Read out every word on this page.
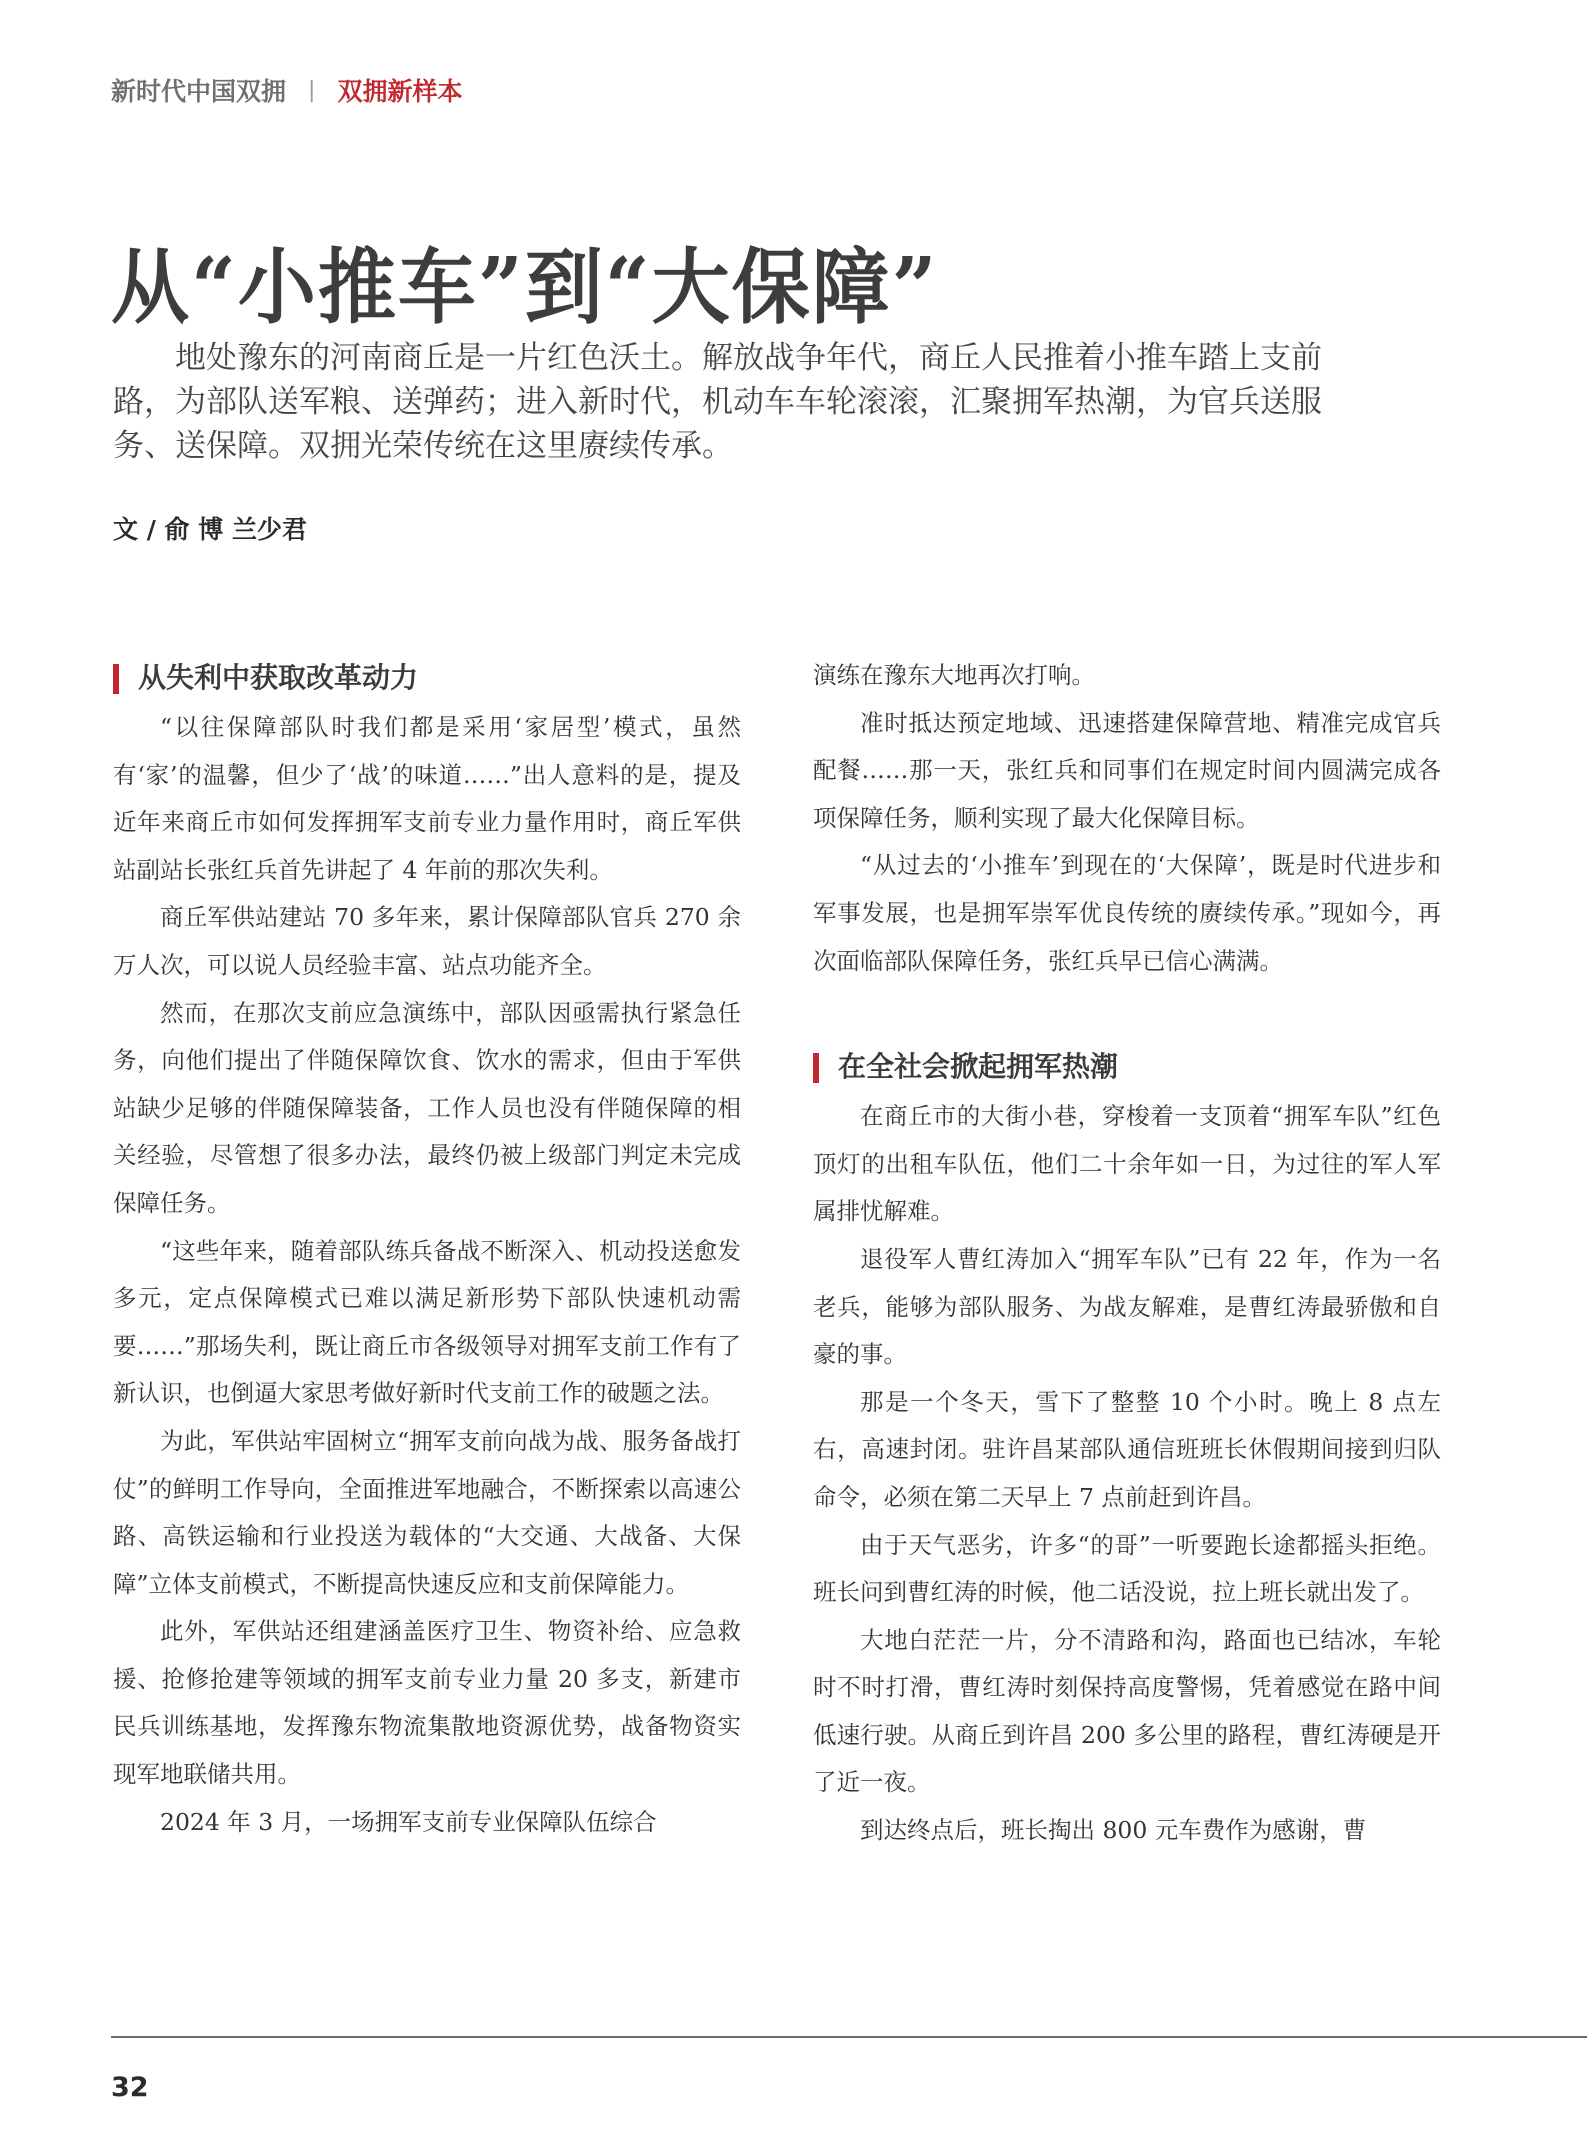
新时代中国双拥 | 双拥新样本
从“小推车”到“大保障”

地处豫东的河南商丘是一片红色沃土。解放战争年代，商丘人民推着小推车踏上支前路，为部队送军粮、送弹药；进入新时代，机动车车轮滚滚，汇聚拥军热潮，为官兵送服务、送保障。双拥光荣传统在这里赓续传承。

文 / 俞 博 兰少君
从失利中获取改革动力

“以往保障部队时我们都是采用‘家居型’模式，虽然有‘家’的温馨，但少了‘战’的味道……”出人意料的是，提及近年来商丘市如何发挥拥军支前专业力量作用时，商丘军供站副站长张红兵首先讲起了 4 年前的那次失利。

商丘军供站建站 70 多年来，累计保障部队官兵 270 余万人次，可以说人员经验丰富、站点功能齐全。

然而，在那次支前应急演练中，部队因亟需执行紧急任务，向他们提出了伴随保障饮食、饮水的需求，但由于军供站缺少足够的伴随保障装备，工作人员也没有伴随保障的相关经验，尽管想了很多办法，最终仍被上级部门判定未完成保障任务。

“这些年来，随着部队练兵备战不断深入、机动投送愈发多元，定点保障模式已难以满足新形势下部队快速机动需要……”那场失利，既让商丘市各级领导对拥军支前工作有了新认识，也倒逼大家思考做好新时代支前工作的破题之法。

为此，军供站牢固树立“拥军支前向战为战、服务备战打仗”的鲜明工作导向，全面推进军地融合，不断探索以高速公路、高铁运输和行业投送为载体的“大交通、大战备、大保障”立体支前模式，不断提高快速反应和支前保障能力。

此外，军供站还组建涵盖医疗卫生、物资补给、应急救援、抢修抢建等领域的拥军支前专业力量 20 多支，新建市民兵训练基地，发挥豫东物流集散地资源优势，战备物资实现军地联储共用。

2024 年 3 月，一场拥军支前专业保障队伍综合

演练在豫东大地再次打响。

准时抵达预定地域、迅速搭建保障营地、精准完成官兵配餐……那一天，张红兵和同事们在规定时间内圆满完成各项保障任务，顺利实现了最大化保障目标。

“从过去的‘小推车’到现在的‘大保障’，既是时代进步和军事发展，也是拥军崇军优良传统的赓续传承。”现如今，再次面临部队保障任务，张红兵早已信心满满。

在全社会掀起拥军热潮

在商丘市的大街小巷，穿梭着一支顶着“拥军车队”红色顶灯的出租车队伍，他们二十余年如一日，为过往的军人军属排忧解难。

退役军人曹红涛加入“拥军车队”已有 22 年，作为一名老兵，能够为部队服务、为战友解难，是曹红涛最骄傲和自豪的事。

那是一个冬天，雪下了整整 10 个小时。晚上 8 点左右，高速封闭。驻许昌某部队通信班班长休假期间接到归队命令，必须在第二天早上 7 点前赶到许昌。

由于天气恶劣，许多“的哥”一听要跑长途都摇头拒绝。班长问到曹红涛的时候，他二话没说，拉上班长就出发了。

大地白茫茫一片，分不清路和沟，路面也已结冰，车轮时不时打滑，曹红涛时刻保持高度警惕，凭着感觉在路中间低速行驶。从商丘到许昌 200 多公里的路程，曹红涛硬是开了近一夜。

到达终点后，班长掏出 800 元车费作为感谢，曹

32
